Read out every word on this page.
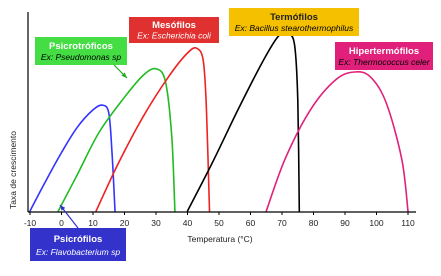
-10	0	10	20	30	40	50	60	70	80	90 100 110
Temperatura (°C)
Taxa de crescimento
Psicrófilos
Ex: Flavobacterium sp
Psicrotróficos
Ex: Pseudomonas sp
Mesófilos
Ex: Escherichia coli
Termófilos
Ex: Bacillus stearothermophilus
Hipertermófilos
Ex: Thermococcus celer
